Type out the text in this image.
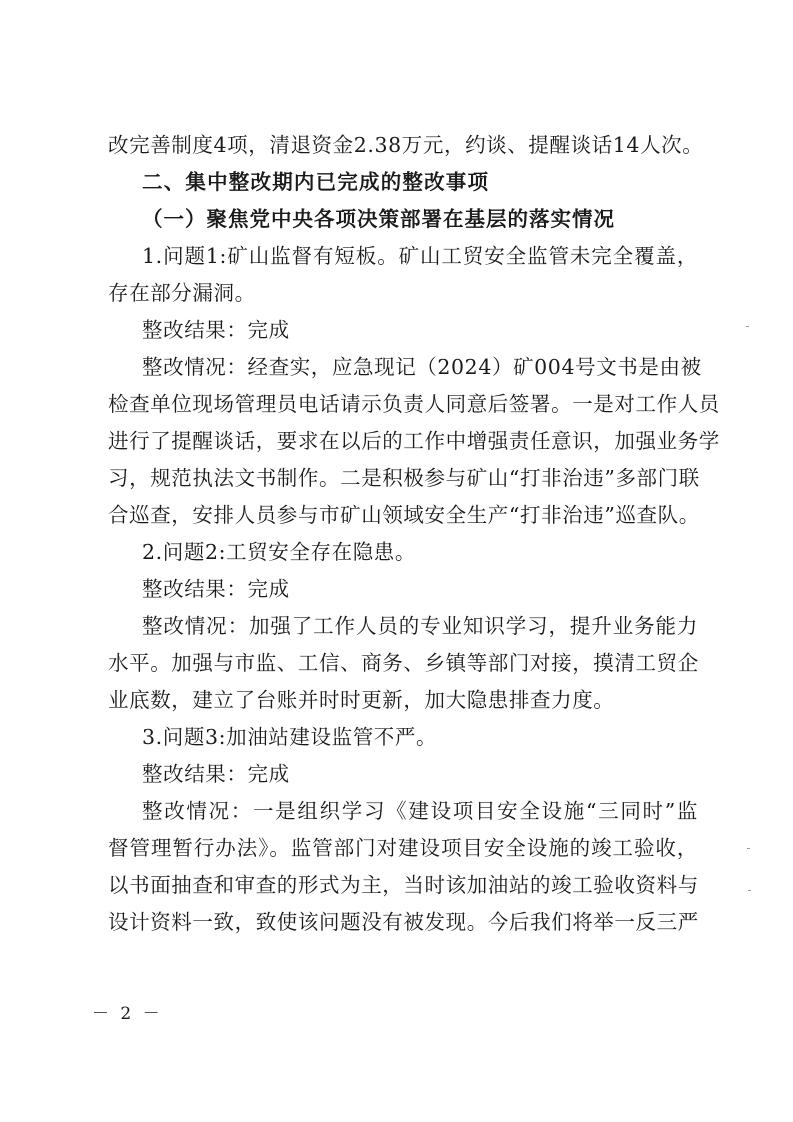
改完善制度4项，清退资金2.38万元，约谈、提醒谈话14人次。
二、集中整改期内已完成的整改事项
（一）聚焦党中央各项决策部署在基层的落实情况
1.问题1:矿山监督有短板。矿山工贸安全监管未完全覆盖，
存在部分漏洞。
整改结果：完成
整改情况：经查实，应急现记（2024）矿004号文书是由被
检查单位现场管理员电话请示负责人同意后签署。一是对工作人员
进行了提醒谈话，要求在以后的工作中增强责任意识，加强业务学
习，规范执法文书制作。二是积极参与矿山“打非治违”多部门联
合巡查，安排人员参与市矿山领域安全生产“打非治违”巡查队。
2.问题2:工贸安全存在隐患。
整改结果：完成
整改情况：加强了工作人员的专业知识学习，提升业务能力
水平。加强与市监、工信、商务、乡镇等部门对接，摸清工贸企
业底数，建立了台账并时时更新，加大隐患排查力度。
3.问题3:加油站建设监管不严。
整改结果：完成
整改情况：一是组织学习《建设项目安全设施“三同时”监
督管理暂行办法》。监管部门对建设项目安全设施的竣工验收，
以书面抽查和审查的形式为主，当时该加油站的竣工验收资料与
设计资料一致，致使该问题没有被发现。今后我们将举一反三严
－ 2 －
